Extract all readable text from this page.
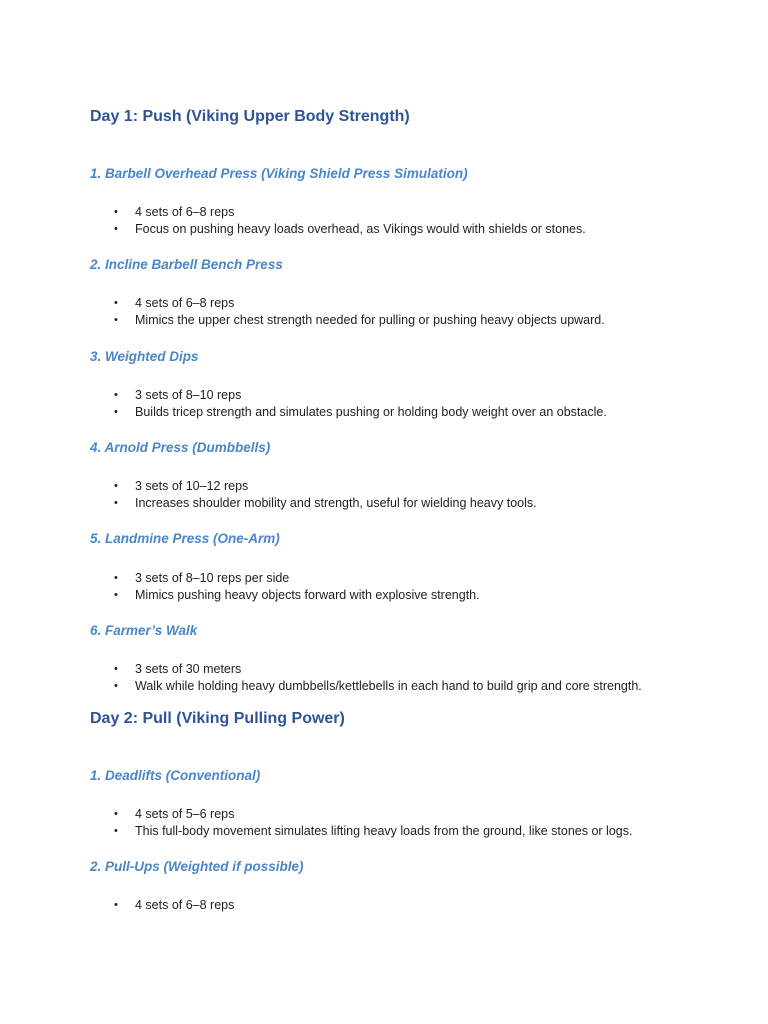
Day 1: Push (Viking Upper Body Strength)
1. Barbell Overhead Press (Viking Shield Press Simulation)
• 4 sets of 6–8 reps
• Focus on pushing heavy loads overhead, as Vikings would with shields or stones.
2. Incline Barbell Bench Press
• 4 sets of 6–8 reps
• Mimics the upper chest strength needed for pulling or pushing heavy objects upward.
3. Weighted Dips
• 3 sets of 8–10 reps
• Builds tricep strength and simulates pushing or holding body weight over an obstacle.
4. Arnold Press (Dumbbells)
• 3 sets of 10–12 reps
• Increases shoulder mobility and strength, useful for wielding heavy tools.
5. Landmine Press (One-Arm)
• 3 sets of 8–10 reps per side
• Mimics pushing heavy objects forward with explosive strength.
6. Farmer’s Walk
• 3 sets of 30 meters
• Walk while holding heavy dumbbells/kettlebells in each hand to build grip and core strength.
Day 2: Pull (Viking Pulling Power)
1. Deadlifts (Conventional)
• 4 sets of 5–6 reps
• This full-body movement simulates lifting heavy loads from the ground, like stones or logs.
2. Pull-Ups (Weighted if possible)
• 4 sets of 6–8 reps
